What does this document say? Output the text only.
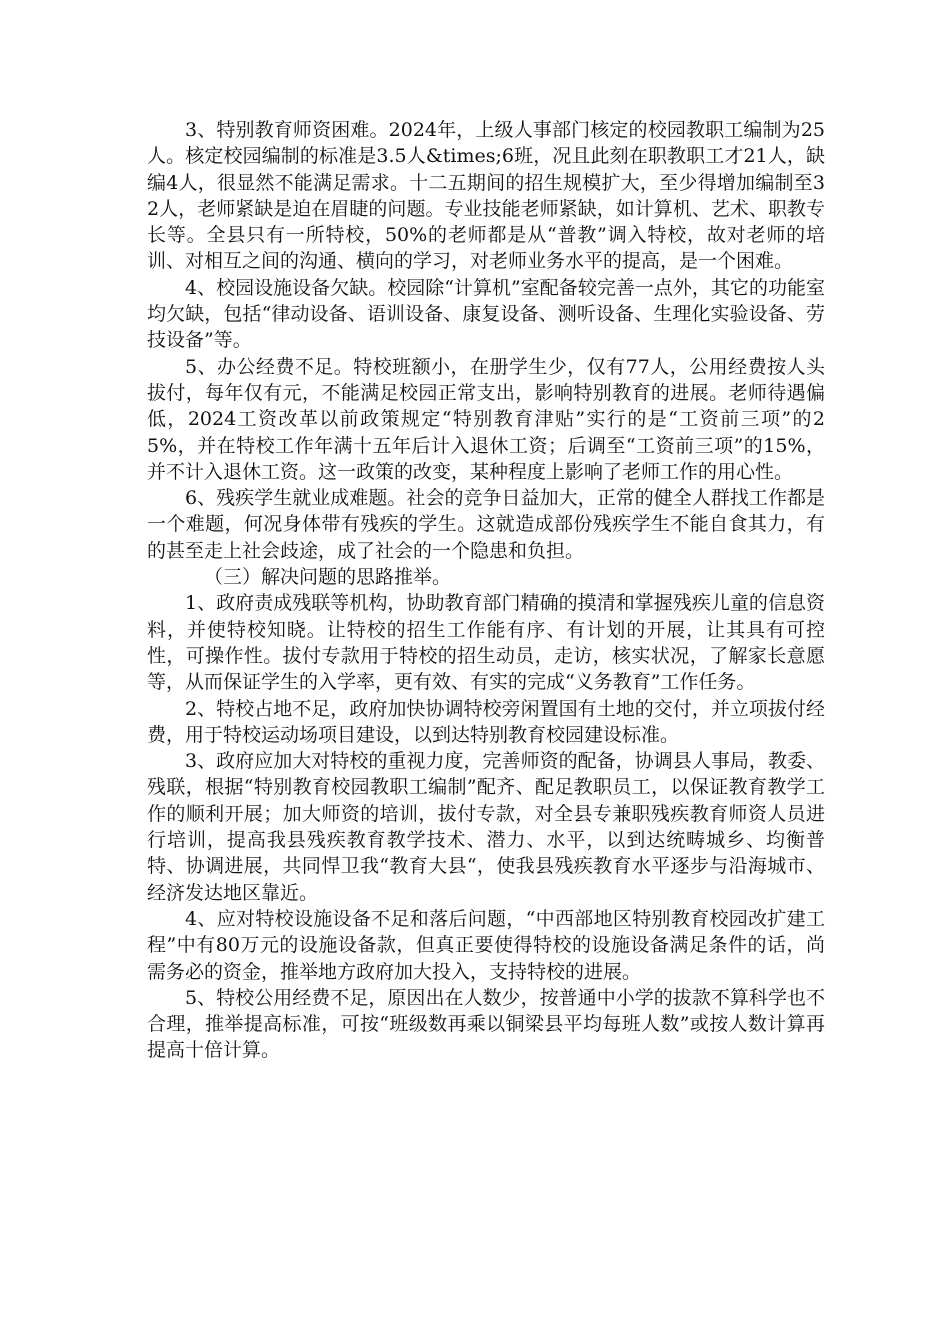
3、特别教育师资困难。2024年，上级人事部门核定的校园教职工编制为25人。核定校园编制的标准是3.5人&times;6班，况且此刻在职教职工才21人，缺编4人，很显然不能满足需求。十二五期间的招生规模扩大，至少得增加编制至32人，老师紧缺是迫在眉睫的问题。专业技能老师紧缺，如计算机、艺术、职教专长等。全县只有一所特校，50%的老师都是从“普教”调入特校，故对老师的培训、对相互之间的沟通、横向的学习，对老师业务水平的提高，是一个困难。

4、校园设施设备欠缺。校园除“计算机”室配备较完善一点外，其它的功能室均欠缺，包括“律动设备、语训设备、康复设备、测听设备、生理化实验设备、劳技设备”等。

5、办公经费不足。特校班额小，在册学生少，仅有77人，公用经费按人头拔付，每年仅有元，不能满足校园正常支出，影响特别教育的进展。老师待遇偏低，2024工资改革以前政策规定“特别教育津贴”实行的是“工资前三项”的25%，并在特校工作年满十五年后计入退休工资；后调至“工资前三项”的15%，并不计入退休工资。这一政策的改变，某种程度上影响了老师工作的用心性。

6、残疾学生就业成难题。社会的竞争日益加大，正常的健全人群找工作都是一个难题，何况身体带有残疾的学生。这就造成部份残疾学生不能自食其力，有的甚至走上社会歧途，成了社会的一个隐患和负担。

（三）解决问题的思路推举。

1、政府责成残联等机构，协助教育部门精确的摸清和掌握残疾儿童的信息资料，并使特校知晓。让特校的招生工作能有序、有计划的开展，让其具有可控性，可操作性。拔付专款用于特校的招生动员，走访，核实状况，了解家长意愿等，从而保证学生的入学率，更有效、有实的完成“义务教育”工作任务。

2、特校占地不足，政府加快协调特校旁闲置国有土地的交付，并立项拔付经费，用于特校运动场项目建设，以到达特别教育校园建设标准。

3、政府应加大对特校的重视力度，完善师资的配备，协调县人事局，教委、残联，根据“特别教育校园教职工编制”配齐、配足教职员工，以保证教育教学工作的顺利开展；加大师资的培训，拔付专款，对全县专兼职残疾教育师资人员进行培训，提高我县残疾教育教学技术、潜力、水平，以到达统畴城乡、均衡普特、协调进展，共同悍卫我“教育大县“，使我县残疾教育水平逐步与沿海城市、经济发达地区靠近。

4、应对特校设施设备不足和落后问题，“中西部地区特别教育校园改扩建工程”中有80万元的设施设备款，但真正要使得特校的设施设备满足条件的话，尚需务必的资金，推举地方政府加大投入，支持特校的进展。

5、特校公用经费不足，原因出在人数少，按普通中小学的拔款不算科学也不合理，推举提高标准，可按“班级数再乘以铜梁县平均每班人数”或按人数计算再提高十倍计算。
